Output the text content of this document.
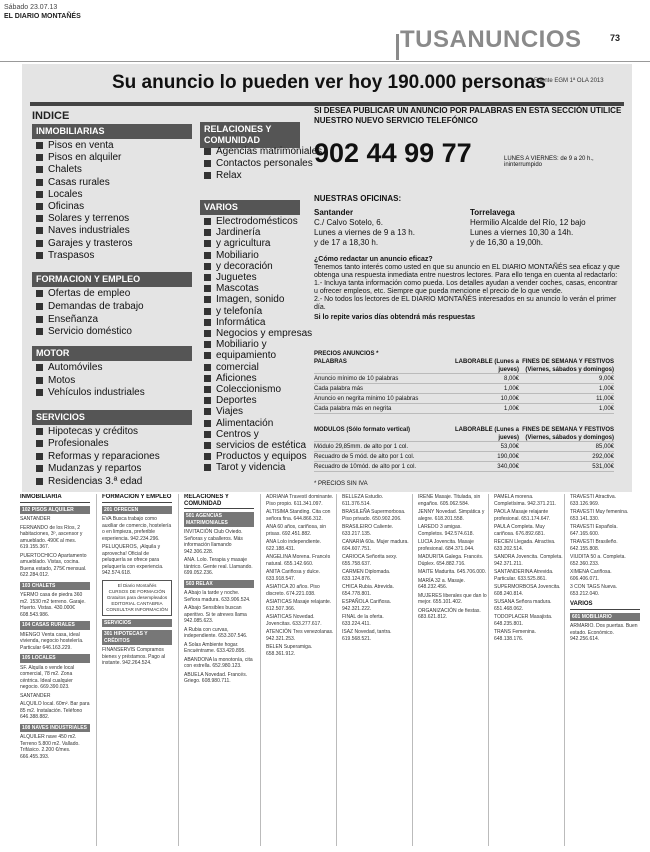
Sábado 23.07.13
EL DIARIO MONTAÑÉS
TUSANUNCIOS	73
Su anuncio lo pueden ver hoy 190.000 personas
Fuente EGM 1ª OLA 2013
INDICE
INMOBILIARIAS
Pisos en venta
Pisos en alquiler
Chalets
Casas rurales
Locales
Oficinas
Solares y terrenos
Naves industriales
Garajes y trasteros
Traspasos
FORMACION Y EMPLEO
Ofertas de empleo
Demandas de trabajo
Enseñanza
Servicio doméstico
MOTOR
Automóviles
Motos
Vehículos industriales
SERVICIOS
Hipotecas y créditos
Profesionales
Reformas y reparaciones
Mudanzas y repartos
Residencias 3.ª edad
RELACIONES Y COMUNIDAD
Agencias matrimoniales
Contactos personales
Relax
VARIOS
Electrodomésticos
Jardinería
y agricultura
Mobiliario
y decoración
Juguetes
Mascotas
Imagen, sonido
y telefonía
Informática
Negocios y empresas
Mobiliario y
equipamiento
comercial
Aficiones
Coleccionismo
Deportes
Viajes
Alimentación
Centros y
servicios de estética
Productos y equipos
Tarot y videncia
SI DESEA PUBLICAR UN ANUNCIO POR PALABRAS EN ESTA SECCIÓN UTILICE NUESTRO NUEVO SERVICIO TELEFÓNICO
902 44 99 77	LUNES A VIERNES: de 9 a 20 h., ininterrumpido
NUESTRAS OFICINAS:
Santander
C./ Calvo Sotelo, 6.
Lunes a viernes de 9 a 13 h.
y de 17 a 18,30 h.
Torrelavega
Hermilio Alcalde del Río, 12 bajo
Lunes a viernes 10,30 a 14h.
y de 16,30 a 19,00h.
¿Cómo redactar un anuncio eficaz?
Tenemos tanto interés como usted en que su anuncio en EL DIARIO MONTAÑÉS sea eficaz y que obtenga una respuesta inmediata entre nuestros lectores. Para ello tenga en cuenta al redactarlo:
1.- Incluya tanta información como pueda. Los detalles ayudan a vender coches, casas, encontrar u ofrecer empleos, etc. Siempre que pueda mencione el precio de lo que vende.
2.- No todos los lectores de EL DIARIO MONTAÑÉS interesados en su anuncio lo verán el primer día.
Si lo repite varios días obtendrá más respuestas
PRECIOS ANUNCIOS *
PALABRAS	LABORABLE (Lunes a jueves)
FINES DE SEMANA Y FESTIVOS (Viernes, sábados y domingos)
Anuncio mínimo de 10 palabras	8,00€	9,00€
Cada palabra más	1,00€	1,00€
Anuncio en negrita mínimo 10 palabras	10,00€	11,00€
Cada palabra más en negrita	1,00€	1,00€
MODULOS (Sólo formato vertical)	LABORABLE (Lunes a jueves)
FINES DE SEMANA Y FESTIVOS (Viernes, sábados y domingos)
Módulo 29,85mm. de alto por 1 col.	53,00€	85,00€
Recuadro de 5 mód. de alto por 1 col.	190,00€	292,00€
Recuadro de 10mód. de alto por 1 col.	340,00€	531,00€
* PRECIOS SIN IVA
INMOBILIARIA
102 PISOS ALQUILER
SANTANDER
FERNANDO de los Ríos, 2 habitaciones, 3º, ascensor y amueblado. 490€ al mes. 619.155.367.
PUERTOCHICO Apartamento amueblado. Vistas, cocina. Buena estado, 275€ mensual. 622.284.012.
103 CHALETS
YERMO casa de piedra 360 m2. 1530 m2 terreno. Garaje. Huerto. Vistas. 430.000€ 608.543.986.
104 CASAS RURALES
MIENGO Venta casa, ideal vivienda, negocio hostelería. Particular 646.163.229.
105 LOCALES
SF. Alquila o vende local comercial, 78 m2. Zona céntrica. Ideal cualquier negocio. 669.390.023.
SANTANDER
ALQUILO local. 60m². Bar para 85 m2. Instalación. Teléfono 646.388.882.
108 NAVES INDUSTRIALES
ALQUILER nave 450 m2. Terreno 5.800 m2. Vallado. Trifásico. 2.200 €/mes. 666.455.393.
FORMACION Y EMPLEO
201 OFRECEN
EVA Busca trabajo como auxiliar de comercio, hostelería o en limpieza, preferible experiencia. 942.234.296.
PELUQUEROS, ¡Alquila y aprovecha! Oficial de peluquería se ofrece para peluquería con experiencia. 942.574.618.
El Diario Montañés
CURSOS DE FORMACIÓN
Gratuitos para desempleados
EDITORIAL CANTABRIA
CONSULTAR INFORMACIÓN
SERVICIOS
301 HIPOTECAS Y CRÉDITOS
FINANSERVIS Compramos bienes y préstamos. Pago al instante. 942.264.524.
RELACIONES Y COMUNIDAD
501 AGENCIAS MATRIMONIALES
INVITACIÓN Club Oviedo. Señoras y caballeros. Más información llamando 942.306.228.
ANA. Lolo. Terapia y masaje tántrico. Gente real. Llamando. 699.052.236.
503 RELAX
A Abajo la tarde y noche. Señora madura. 633.906.524.
A Abajo Sensibles buscan aperitivo. Si te atreves llama 942.085.623.
A Rubia con curvas, independiente. 653.307.546.
A Solas Ambiente hogar. Encuéntrame. 633.420.895.
ABANDONA la monotonía, cita con estrella. 652.980.123.
ABUELA Novedad. Francés. Griego. 608.980.711.
ADRIANA Travestí dominante. Piso propio. 611.341.097.
ALTISIMA Standing. Cita con señora fina. 644.866.312.
ANA 60 años, cariñosa, sin prisas. 692.451.882.
ANA Lolo independiente. 622.188.431.
ANGELINA Morena. Francés natural. 655.142.660.
ANITA Cariñosa y dulce. 633.918.547.
ASIATICA 20 años. Piso discreto. 674.221.038.
ASIATICAS Masaje relajante. 612.507.366.
ASIATICAS Novedad. Jovencitas. 633.277.617.
ATENCIÓN Tres venezolanas. 942.321.253.
BELEN Superamiga. 658.361.912.
BELLEZA Estudio. 611.376.514.
BRASILEÑA Supermorbosa. Piso privado. 650.902.206.
BRASILEIRO Caliente. 633.217.135.
CANARIA 60a. Mujer madura. 604.607.751.
CARIOCA Señorita sexy. 655.758.637.
CARMEN Diplomada. 633.124.876.
CHICA Rubia. Atrevida. 654.778.801.
ESPAÑOLA Cariñosa. 942.321.222.
FINAL de la oferta. 633.224.411.
ISAZ Novedad, tantra. 619.568.521.
IRENE Masaje. Titulada, sin engaños. 605.062.584.
JENNY Novedad. Simpática y alegre. 618.201.558.
LAREDO 3 amigas. Completos. 942.574.618.
LUCIA Jovencita. Masaje profesional. 684.371.044.
MADURITA Galega. Francés. Dúplex. 654.882.716.
MAITE Madurita. 645.706.000.
MARÍA 32 a. Masaje. 648.232.456.
MUJERES liberales que dan lo mejor. 655.101.402.
ORGANIZACIÓN de fiestas. 683.621.812.
PAMELA morena. Completísima. 942.371.211.
PAOLA Masaje relajante profesional. 651.174.647.
PAULA Completa. Muy cariñosa. 676.892.681.
RECIEN Llegada. Atractiva. 633.202.514.
SANDRA Jovencita. Completa. 942.371.211.
SANTANDERINA Atrevida. Particular. 633.525.861.
SUPERMORBOSA Jovencita. 608.240.814.
SUSANA Señora madura. 651.468.062.
TODOPLACER Masajista. 648.235.801.
TRANS Femenina. 648.138.176.
TRAVESTI Atractiva. 633.126.969.
TRAVESTI Muy femenina. 653.141.330.
TRAVESTI Española. 647.165.600.
TRAVESTI Brasileño. 642.155.808.
VIUDITA 50 a. Completa. 652.360.233.
XIMENA Cariñosa. 606.406.071.
3 CON TAGS Nueva. 653.212.040.
VARIOS
601 MOBILIARIO
ARMARIO. Dos puertas. Buen estado. Económico. 942.256.614.
